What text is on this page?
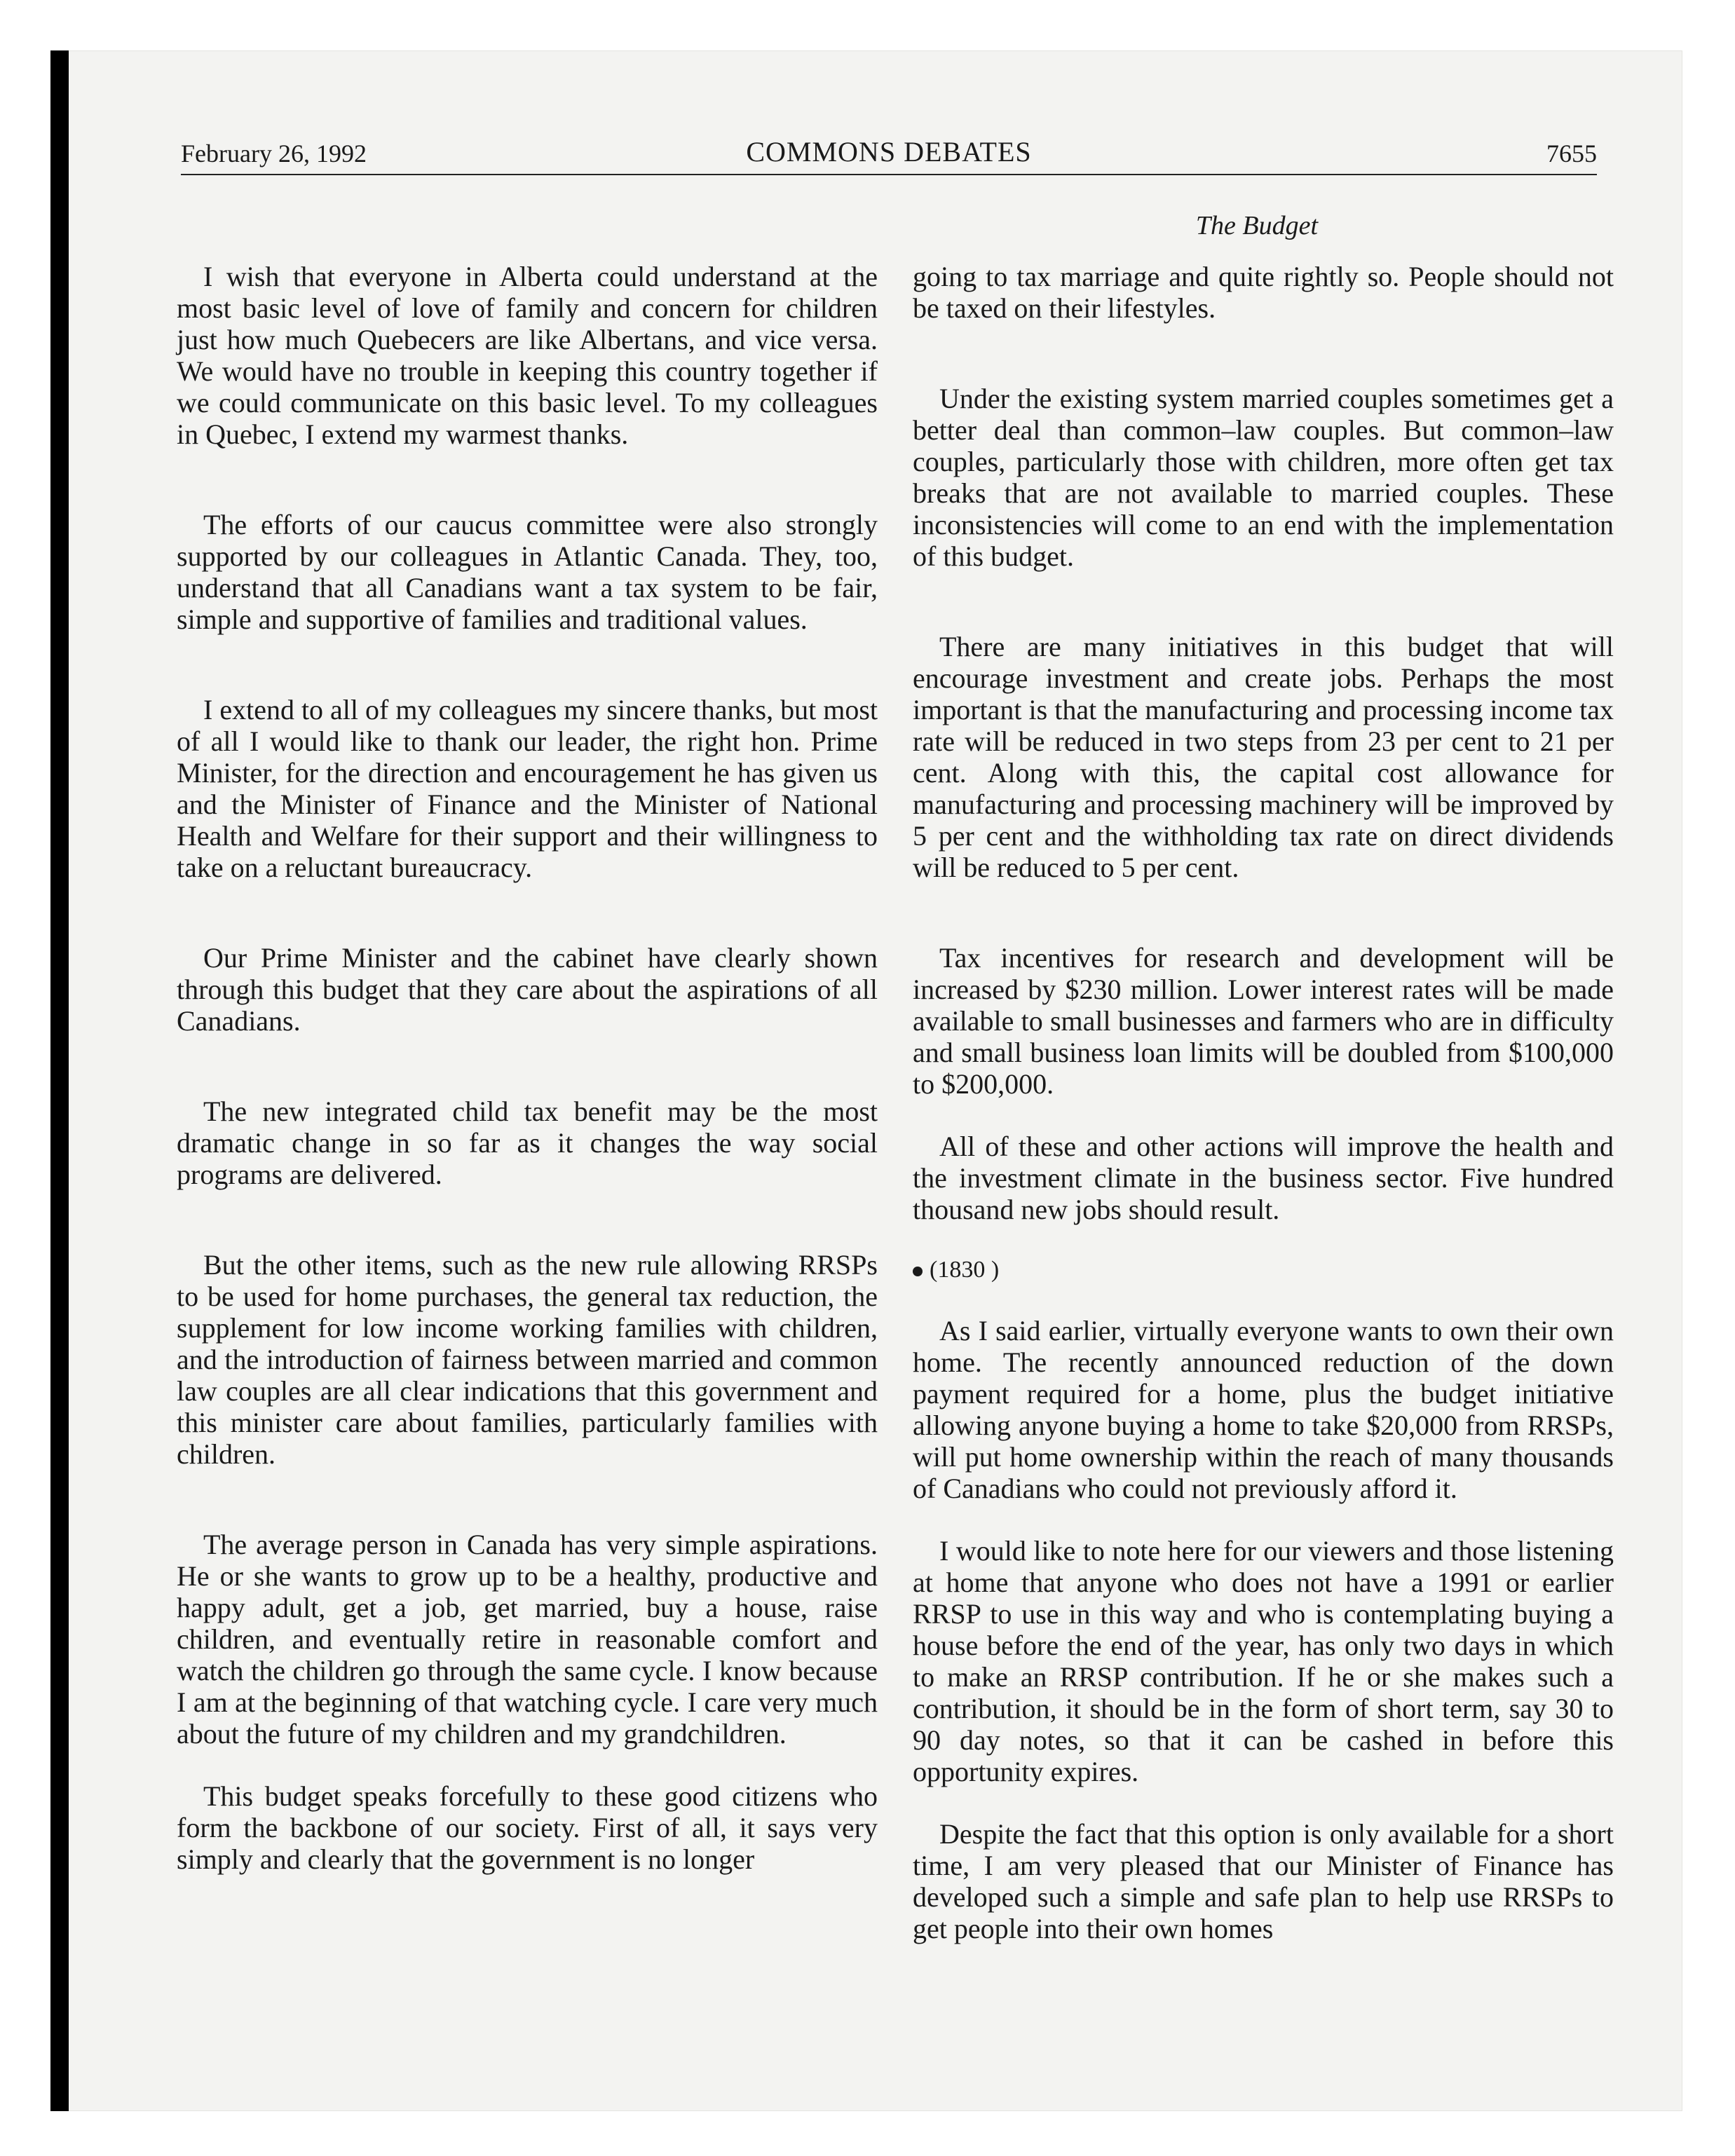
February 26, 1992	COMMONS DEBATES	7655
The Budget

I wish that everyone in Alberta could understand at the most basic level of love of family and concern for children just how much Quebecers are like Albertans, and vice versa. We would have no trouble in keeping this country together if we could communicate on this basic level. To my colleagues in Quebec, I extend my warmest thanks.

The efforts of our caucus committee were also strongly supported by our colleagues in Atlantic Canada. They, too, understand that all Canadians want a tax system to be fair, simple and supportive of families and traditional values.

I extend to all of my colleagues my sincere thanks, but most of all I would like to thank our leader, the right hon. Prime Minister, for the direction and encouragement he has given us and the Minister of Finance and the Minister of National Health and Welfare for their support and their willingness to take on a reluctant bureaucracy.

Our Prime Minister and the cabinet have clearly shown through this budget that they care about the aspirations of all Canadians.

The new integrated child tax benefit may be the most dramatic change in so far as it changes the way social programs are delivered.

But the other items, such as the new rule allowing RRSPs to be used for home purchases, the general tax reduction, the supplement for low income working families with children, and the introduction of fairness between married and common law couples are all clear indications that this government and this minister care about families, particularly families with children.

The average person in Canada has very simple aspirations. He or she wants to grow up to be a healthy, productive and happy adult, get a job, get married, buy a house, raise children, and eventually retire in reasonable comfort and watch the children go through the same cycle. I know because I am at the beginning of that watching cycle. I care very much about the future of my children and my grandchildren.

This budget speaks forcefully to these good citizens who form the backbone of our society. First of all, it says very simply and clearly that the government is no longer

going to tax marriage and quite rightly so. People should not be taxed on their lifestyles.

Under the existing system married couples sometimes get a better deal than common–law couples. But common–law couples, particularly those with children, more often get tax breaks that are not available to married couples. These inconsistencies will come to an end with the implementation of this budget.

There are many initiatives in this budget that will encourage investment and create jobs. Perhaps the most important is that the manufacturing and processing income tax rate will be reduced in two steps from 23 per cent to 21 per cent. Along with this, the capital cost allowance for manufacturing and processing machinery will be improved by 5 per cent and the withholding tax rate on direct dividends will be reduced to 5 per cent.

Tax incentives for research and development will be increased by $230 million. Lower interest rates will be made available to small businesses and farmers who are in difficulty and small business loan limits will be doubled from $100,000 to $200,000.

All of these and other actions will improve the health and the investment climate in the business sector. Five hundred thousand new jobs should result.

(1830 )

As I said earlier, virtually everyone wants to own their own home. The recently announced reduction of the down payment required for a home, plus the budget initiative allowing anyone buying a home to take $20,000 from RRSPs, will put home ownership within the reach of many thousands of Canadians who could not previously afford it.

I would like to note here for our viewers and those listening at home that anyone who does not have a 1991 or earlier RRSP to use in this way and who is contemplating buying a house before the end of the year, has only two days in which to make an RRSP contribution. If he or she makes such a contribution, it should be in the form of short term, say 30 to 90 day notes, so that it can be cashed in before this opportunity expires.

Despite the fact that this option is only available for a short time, I am very pleased that our Minister of Finance has developed such a simple and safe plan to help use RRSPs to get people into their own homes
